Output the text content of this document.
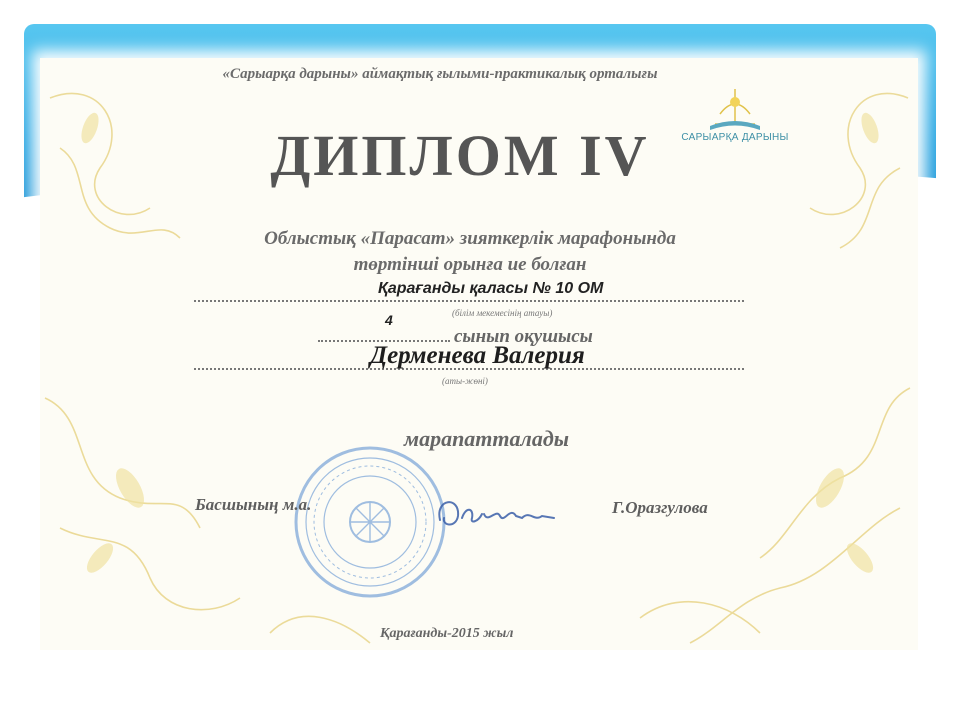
«Сарыарқа дарыны» аймақтық ғылыми-практикалық орталығы
САРЫАРҚА ДАРЫНЫ
ДИПЛОМ IV
Облыстық «Парасат» зияткерлік марафонында
төртінші орынға ие болған
Қарағанды қаласы № 10 ОМ
(білім мекемесінің атауы)
4
сынып оқушысы
Дерменева Валерия
(аты-жөні)
марапатталады
Басшының м.а.	Г.Оразгулова
Қарағанды-2015 жыл
